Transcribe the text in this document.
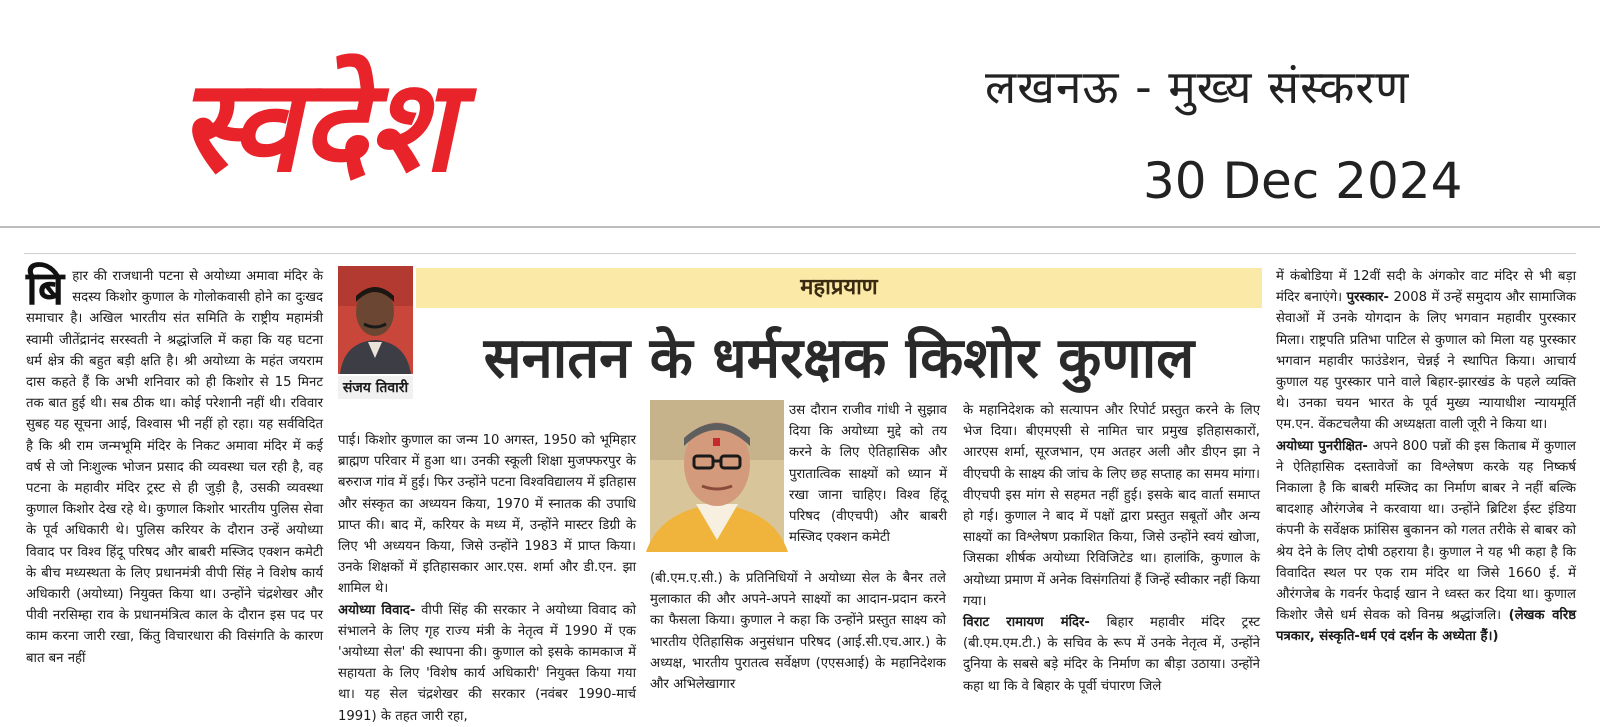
स्वदेश	लखनऊ - मुख्य संस्करण
30 Dec 2024

बिहार की राजधानी पटना से अयोध्या अमावा मंदिर के सदस्य किशोर कुणाल के गोलोकवासी होने का दुःखद समाचार है। अखिल भारतीय संत समिति के राष्ट्रीय महामंत्री स्वामी जीतेंद्रानंद सरस्वती ने श्रद्धांजलि में कहा कि यह घटना धर्म क्षेत्र की बहुत बड़ी क्षति है। श्री अयोध्या के महंत जयराम दास कहते हैं कि अभी शनिवार को ही किशोर से 15 मिनट तक बात हुई थी। सब ठीक था। कोई परेशानी नहीं थी। रविवार सुबह यह सूचना आई, विश्वास भी नहीं हो रहा। यह सर्वविदित है कि श्री राम जन्मभूमि मंदिर के निकट अमावा मंदिर में कई वर्ष से जो निःशुल्क भोजन प्रसाद की व्यवस्था चल रही है, वह पटना के महावीर मंदिर ट्रस्ट से ही जुड़ी है, उसकी व्यवस्था कुणाल किशोर देख रहे थे। कुणाल किशोर भारतीय पुलिस सेवा के पूर्व अधिकारी थे। पुलिस करियर के दौरान उन्हें अयोध्या विवाद पर विश्व हिंदू परिषद और बाबरी मस्जिद एक्शन कमेटी के बीच मध्यस्थता के लिए प्रधानमंत्री वीपी सिंह ने विशेष कार्य अधिकारी (अयोध्या) नियुक्त किया था। उन्होंने चंद्रशेखर और पीवी नरसिम्हा राव के प्रधानमंत्रित्व काल के दौरान इस पद पर काम करना जारी रखा, किंतु विचारधारा की विसंगति के कारण बात बन नहीं

संजय तिवारी
महाप्रयाण
सनातन के धर्मरक्षक किशोर कुणाल

पाई। किशोर कुणाल का जन्म 10 अगस्त, 1950 को भूमिहार ब्राह्मण परिवार में हुआ था। उनकी स्कूली शिक्षा मुजफ्फरपुर के बरुराज गांव में हुई। फिर उन्होंने पटना विश्वविद्यालय में इतिहास और संस्कृत का अध्ययन किया, 1970 में स्नातक की उपाधि प्राप्त की। बाद में, करियर के मध्य में, उन्होंने मास्टर डिग्री के लिए भी अध्ययन किया, जिसे उन्होंने 1983 में प्राप्त किया। उनके शिक्षकों में इतिहासकार आर.एस. शर्मा और डी.एन. झा शामिल थे।

अयोध्या विवाद- वीपी सिंह की सरकार ने अयोध्या विवाद को संभालने के लिए गृह राज्य मंत्री के नेतृत्व में 1990 में एक 'अयोध्या सेल' की स्थापना की। कुणाल को इसके कामकाज में सहायता के लिए 'विशेष कार्य अधिकारी' नियुक्त किया गया था। यह सेल चंद्रशेखर की सरकार (नवंबर 1990-मार्च 1991) के तहत जारी रहा,

उस दौरान राजीव गांधी ने सुझाव दिया कि अयोध्या मुद्दे को तय करने के लिए ऐतिहासिक और पुरातात्विक साक्ष्यों को ध्यान में रखा जाना चाहिए। विश्व हिंदू परिषद (वीएचपी) और बाबरी मस्जिद एक्शन कमेटी

(बी.एम.ए.सी.) के प्रतिनिधियों ने अयोध्या सेल के बैनर तले मुलाकात की और अपने-अपने साक्ष्यों का आदान-प्रदान करने का फैसला किया। कुणाल ने कहा कि उन्होंने प्रस्तुत साक्ष्य को भारतीय ऐतिहासिक अनुसंधान परिषद (आई.सी.एच.आर.) के अध्यक्ष, भारतीय पुरातत्व सर्वेक्षण (एएसआई) के महानिदेशक और अभिलेखागार

के महानिदेशक को सत्यापन और रिपोर्ट प्रस्तुत करने के लिए भेज दिया। बीएमएसी से नामित चार प्रमुख इतिहासकारों, आरएस शर्मा, सूरजभान, एम अतहर अली और डीएन झा ने वीएचपी के साक्ष्य की जांच के लिए छह सप्ताह का समय मांगा। वीएचपी इस मांग से सहमत नहीं हुई। इसके बाद वार्ता समाप्त हो गई। कुणाल ने बाद में पक्षों द्वारा प्रस्तुत सबूतों और अन्य साक्ष्यों का विश्लेषण प्रकाशित किया, जिसे उन्होंने स्वयं खोजा, जिसका शीर्षक अयोध्या रिविजिटेड था। हालांकि, कुणाल के अयोध्या प्रमाण में अनेक विसंगतियां हैं जिन्हें स्वीकार नहीं किया गया।

विराट रामायण मंदिर- बिहार महावीर मंदिर ट्रस्ट (बी.एम.एम.टी.) के सचिव के रूप में उनके नेतृत्व में, उन्होंने दुनिया के सबसे बड़े मंदिर के निर्माण का बीड़ा उठाया। उन्होंने कहा था कि वे बिहार के पूर्वी चंपारण जिले

में कंबोडिया में 12वीं सदी के अंगकोर वाट मंदिर से भी बड़ा मंदिर बनाएंगे। पुरस्कार- 2008 में उन्हें समुदाय और सामाजिक सेवाओं में उनके योगदान के लिए भगवान महावीर पुरस्कार मिला। राष्ट्रपति प्रतिभा पाटिल से कुणाल को मिला यह पुरस्कार भगवान महावीर फाउंडेशन, चेन्नई ने स्थापित किया। आचार्य कुणाल यह पुरस्कार पाने वाले बिहार-झारखंड के पहले व्यक्ति थे। उनका चयन भारत के पूर्व मुख्य न्यायाधीश न्यायमूर्ति एम.एन. वेंकटचलैया की अध्यक्षता वाली जूरी ने किया था।

अयोध्या पुनरीक्षित- अपने 800 पन्नों की इस किताब में कुणाल ने ऐतिहासिक दस्तावेजों का विश्लेषण करके यह निष्कर्ष निकाला है कि बाबरी मस्जिद का निर्माण बाबर ने नहीं बल्कि बादशाह औरंगजेब ने करवाया था। उन्होंने ब्रिटिश ईस्ट इंडिया कंपनी के सर्वेक्षक फ्रांसिस बुकानन को गलत तरीके से बाबर को श्रेय देने के लिए दोषी ठहराया है। कुणाल ने यह भी कहा है कि विवादित स्थल पर एक राम मंदिर था जिसे 1660 ई. में औरंगजेब के गवर्नर फेदाई खान ने ध्वस्त कर दिया था। कुणाल किशोर जैसे धर्म सेवक को विनम्र श्रद्धांजलि। (लेखक वरिष्ठ पत्रकार, संस्कृति-धर्म एवं दर्शन के अध्येता हैं।)
